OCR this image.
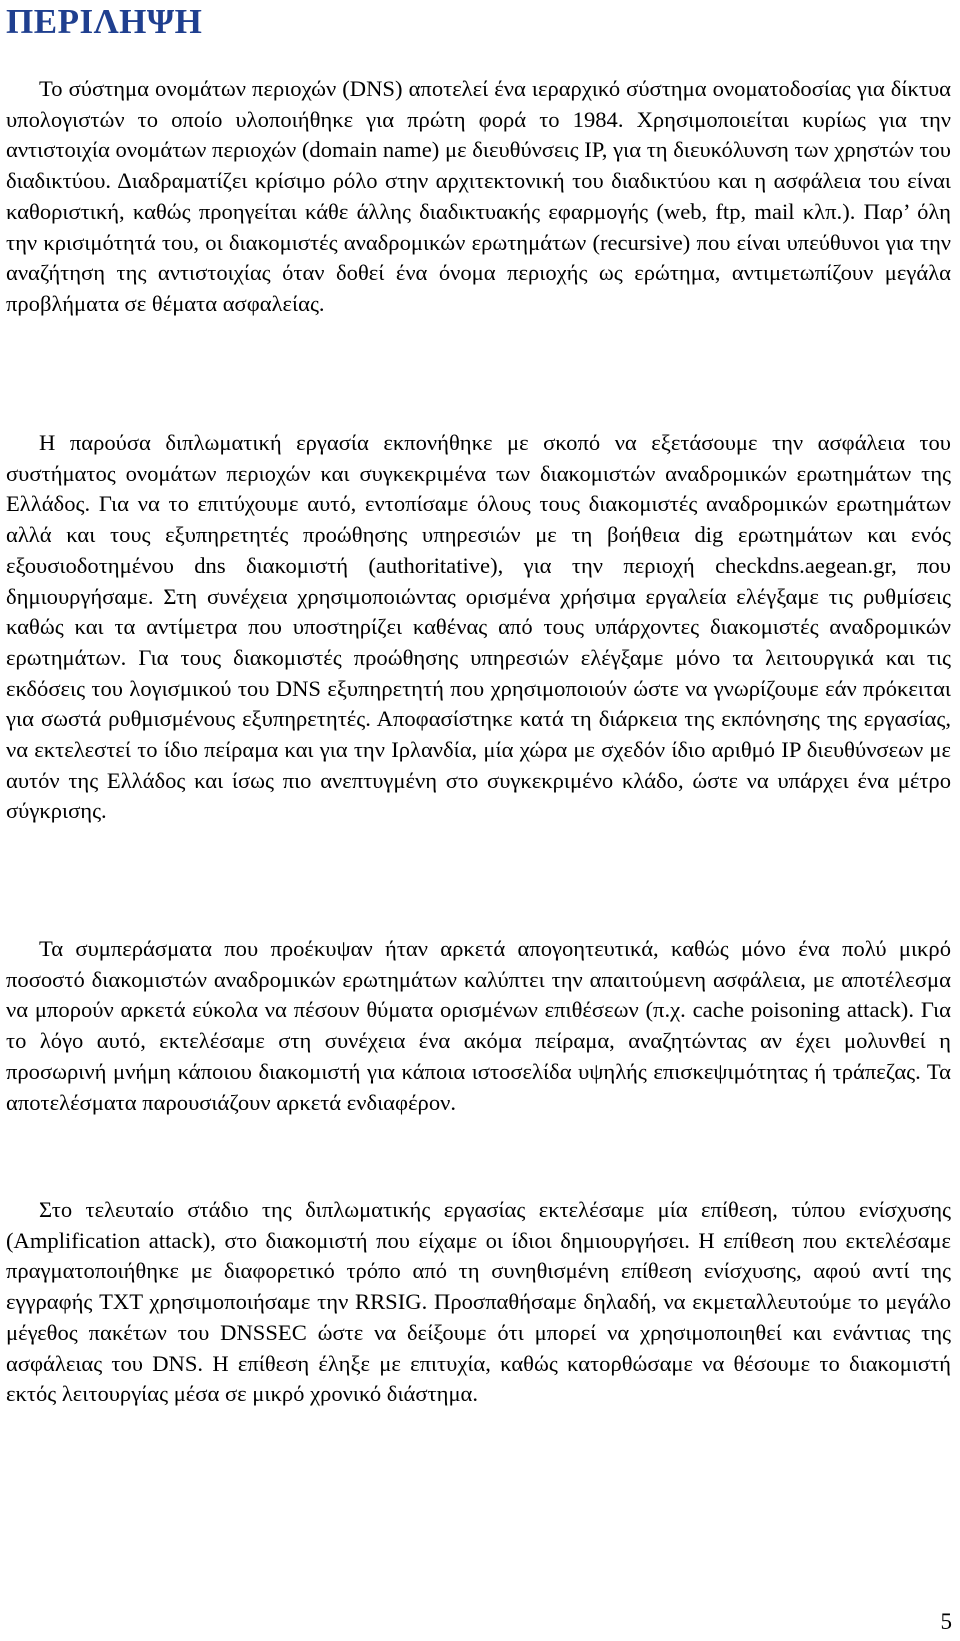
ΠΕΡΙΛΗΨΗ

Το σύστημα ονομάτων περιοχών (DNS) αποτελεί ένα ιεραρχικό σύστημα ονοματοδοσίας για δίκτυα υπολογιστών το οποίο υλοποιήθηκε για πρώτη φορά το 1984. Χρησιμοποιείται κυρίως για την αντιστοιχία ονομάτων περιοχών (domain name) με διευθύνσεις IP, για τη διευκόλυνση των χρηστών του διαδικτύου. Διαδραματίζει κρίσιμο ρόλο στην αρχιτεκτονική του διαδικτύου και η ασφάλεια του είναι καθοριστική, καθώς προηγείται κάθε άλλης διαδικτυακής εφαρμογής (web, ftp, mail κλπ.). Παρ’ όλη την κρισιμότητά του, οι διακομιστές αναδρομικών ερωτημάτων (recursive) που είναι υπεύθυνοι για την αναζήτηση της αντιστοιχίας όταν δοθεί ένα όνομα περιοχής ως ερώτημα, αντιμετωπίζουν μεγάλα προβλήματα σε θέματα ασφαλείας.

Η παρούσα διπλωματική εργασία εκπονήθηκε με σκοπό να εξετάσουμε την ασφάλεια του συστήματος ονομάτων περιοχών και συγκεκριμένα των διακομιστών αναδρομικών ερωτημάτων της Ελλάδος. Για να το επιτύχουμε αυτό, εντοπίσαμε όλους τους διακομιστές αναδρομικών ερωτημάτων αλλά και τους εξυπηρετητές προώθησης υπηρεσιών με τη βοήθεια dig ερωτημάτων και ενός εξουσιοδοτημένου dns διακομιστή (authoritative), για την περιοχή checkdns.aegean.gr, που δημιουργήσαμε. Στη συνέχεια χρησιμοποιώντας ορισμένα χρήσιμα εργαλεία ελέγξαμε τις ρυθμίσεις καθώς και τα αντίμετρα που υποστηρίζει καθένας από τους υπάρχοντες διακομιστές αναδρομικών ερωτημάτων. Για τους διακομιστές προώθησης υπηρεσιών ελέγξαμε μόνο τα λειτουργικά και τις εκδόσεις του λογισμικού του DNS εξυπηρετητή που χρησιμοποιούν ώστε να γνωρίζουμε εάν πρόκειται για σωστά ρυθμισμένους εξυπηρετητές. Αποφασίστηκε κατά τη διάρκεια της εκπόνησης της εργασίας, να εκτελεστεί το ίδιο πείραμα και για την Ιρλανδία, μία χώρα με σχεδόν ίδιο αριθμό IP διευθύνσεων με αυτόν της Ελλάδος και ίσως πιο ανεπτυγμένη στο συγκεκριμένο κλάδο, ώστε να υπάρχει ένα μέτρο σύγκρισης.

Τα συμπεράσματα που προέκυψαν ήταν αρκετά απογοητευτικά, καθώς μόνο ένα πολύ μικρό ποσοστό διακομιστών αναδρομικών ερωτημάτων καλύπτει την απαιτούμενη ασφάλεια, με αποτέλεσμα να μπορούν αρκετά εύκολα να πέσουν θύματα ορισμένων επιθέσεων (π.χ. cache poisoning attack). Για το λόγο αυτό, εκτελέσαμε στη συνέχεια ένα ακόμα πείραμα, αναζητώντας αν έχει μολυνθεί η προσωρινή μνήμη κάποιου διακομιστή για κάποια ιστοσελίδα υψηλής επισκεψιμότητας ή τράπεζας. Τα αποτελέσματα παρουσιάζουν αρκετά ενδιαφέρον.

Στο τελευταίο στάδιο της διπλωματικής εργασίας εκτελέσαμε μία επίθεση, τύπου ενίσχυσης (Amplification attack), στο διακομιστή που είχαμε οι ίδιοι δημιουργήσει. Η επίθεση που εκτελέσαμε πραγματοποιήθηκε με διαφορετικό τρόπο από τη συνηθισμένη επίθεση ενίσχυσης, αφού αντί της εγγραφής TXT χρησιμοποιήσαμε την RRSIG. Προσπαθήσαμε δηλαδή, να εκμεταλλευτούμε το μεγάλο μέγεθος πακέτων του DNSSEC ώστε να δείξουμε ότι μπορεί να χρησιμοποιηθεί και ενάντιας της ασφάλειας του DNS. Η επίθεση έληξε με επιτυχία, καθώς κατορθώσαμε να θέσουμε το διακομιστή εκτός λειτουργίας μέσα σε μικρό χρονικό διάστημα.

5
